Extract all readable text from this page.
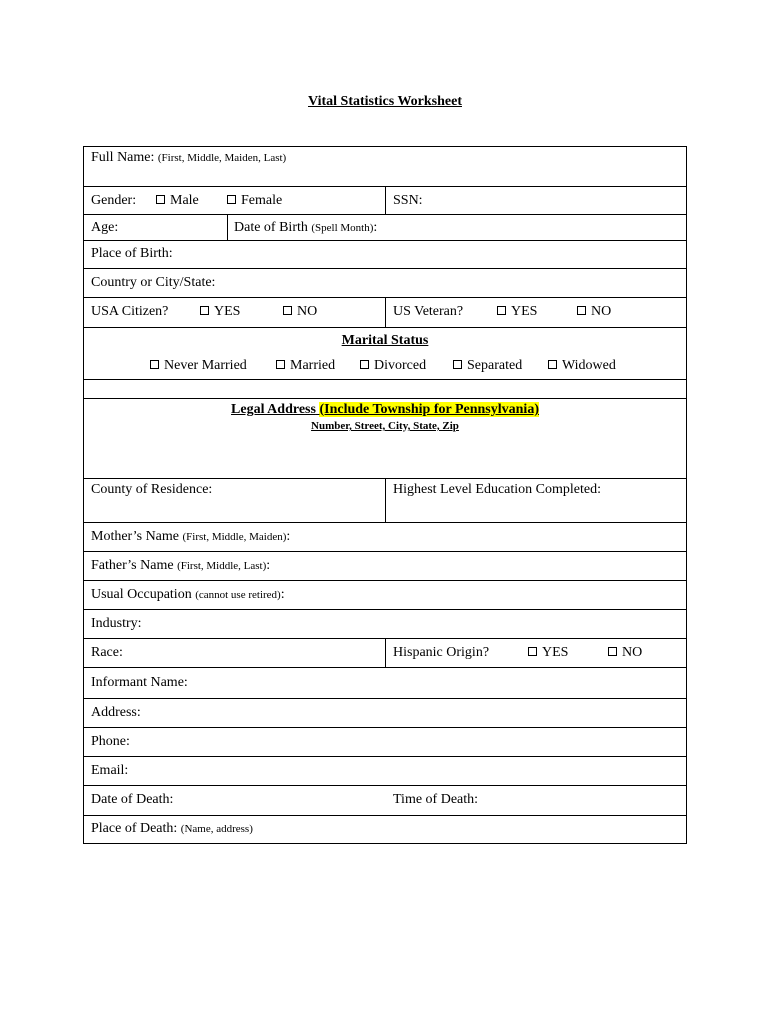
Vital Statistics Worksheet
Full Name: (First, Middle, Maiden, Last)
Gender:	Male	Female	SSN:
Age:	Date of Birth (Spell Month):
Place of Birth:
Country or City/State:
USA Citizen?	YES	NO	US Veteran?	YES	NO
Marital Status
Never Married	Married	Divorced	Separated	Widowed
Legal Address (Include Township for Pennsylvania)
Number, Street, City, State, Zip
County of Residence:	Highest Level Education Completed:
Mother’s Name (First, Middle, Maiden):
Father’s Name (First, Middle, Last):
Usual Occupation (cannot use retired):
Industry:
Race:	Hispanic Origin?	YES	NO
Informant Name:
Address:
Phone:
Email:
Date of Death:	Time of Death:
Place of Death: (Name, address)
